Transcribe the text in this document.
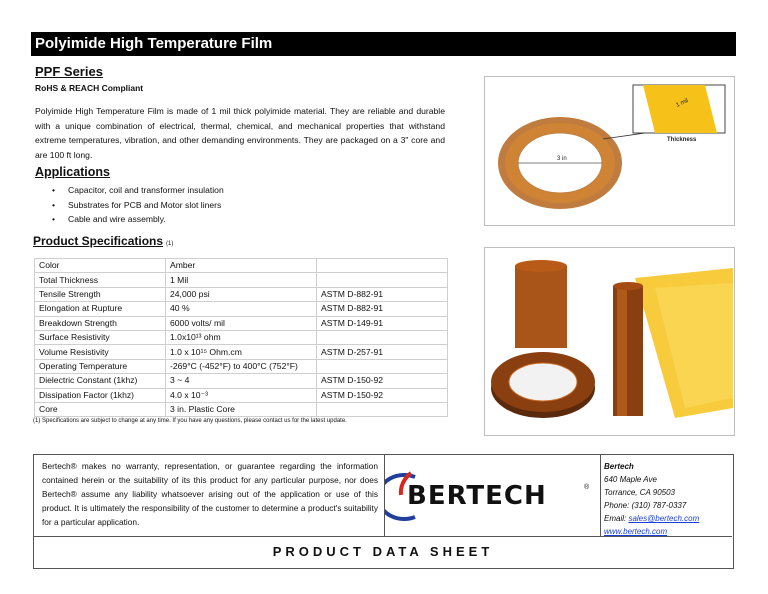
Polyimide High Temperature Film
PPF Series
RoHS & REACH Compliant
Polyimide High Temperature Film is made of 1 mil thick polyimide material. They are reliable and durable with a unique combination of electrical, thermal, chemical, and mechanical properties that withstand extreme temperatures, vibration, and other demanding environments. They are packaged on a 3" core and are 100 ft long.
Applications
• Capacitor, coil and transformer insulation
• Substrates for PCB and Motor slot liners
• Cable and wire assembly.
Product Specifications (1)
Color	Amber	
Total Thickness	1 Mil	
Tensile Strength	24,000 psi	ASTM D-882-91
Elongation at Rupture	40 %	ASTM D-882-91
Breakdown Strength	6000 volts/ mil	ASTM D-149-91
Surface Resistivity	1.0x10¹³ ohm	
Volume Resistivity	1.0 x 10¹⁵ Ohm.cm	ASTM D-257-91
Operating Temperature	-269°C (-452°F) to 400°C (752°F)	
Dielectric Constant (1khz)	3 ~ 4	ASTM D-150-92
Dissipation Factor (1khz)	4.0 x 10⁻³	ASTM D-150-92
Core	3 in. Plastic Core	
(1) Specifications are subject to change at any time. If you have any questions, please contact us for the latest update.
3 in
1 mil
Thickness
Bertech® makes no warranty, representation, or guarantee regarding the information contained herein or the suitability of its this product for any particular purpose, nor does Bertech® assume any liability whatsoever arising out of the application or use of this product. It is ultimately the responsibility of the customer to determine a product's suitability for a particular application.
BERTECH	®
Bertech
640 Maple Ave
Torrance, CA 90503
Phone: (310) 787-0337
Email: sales@bertech.com
www.bertech.com
PRODUCT DATA SHEET
